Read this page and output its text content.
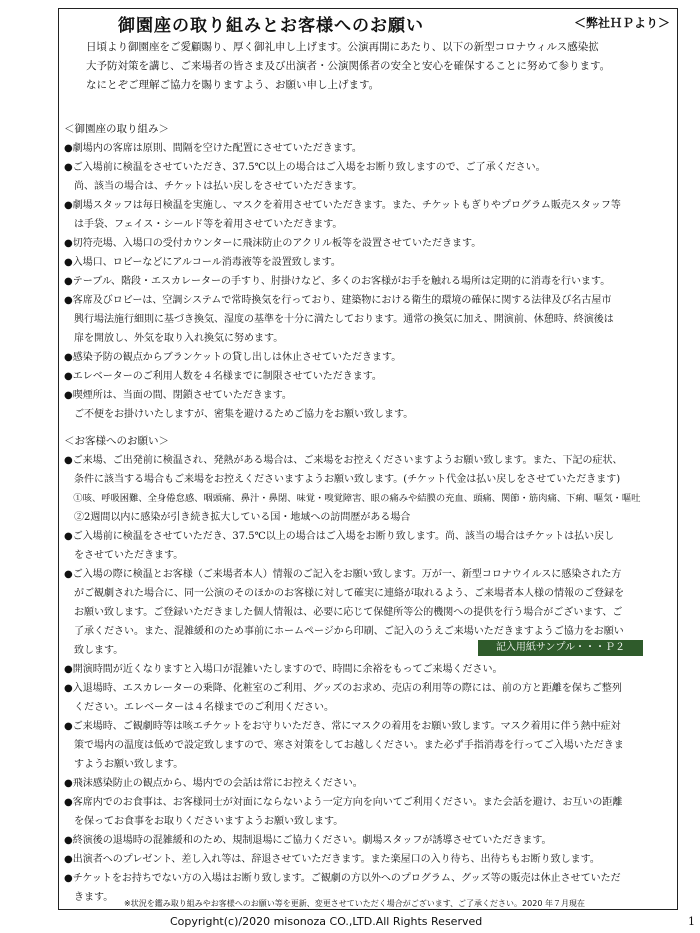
御園座の取り組みとお客様へのお願い	＜弊社ＨＰより＞

日頃より御園座をご愛顧賜り、厚く御礼申し上げます。公演再開にあたり、以下の新型コロナウィルス感染拡

大予防対策を講じ、ご来場者の皆さま及び出演者・公演関係者の安全と安心を確保することに努めて参ります。

なにとぞご理解ご協力を賜りますよう、お願い申し上げます。

＜御園座の取り組み＞

●劇場内の客席は原則、間隔を空けた配置にさせていただきます。

●ご入場前に検温をさせていただき、37.5℃以上の場合はご入場をお断り致しますので、ご了承ください。

　尚、該当の場合は、チケットは払い戻しをさせていただきます。

●劇場スタッフは毎日検温を実施し、マスクを着用させていただきます。また、チケットもぎりやプログラム販売スタッフ等

　は手袋、フェイス・シールド等を着用させていただきます。

●切符売場、入場口の受付カウンターに飛沫防止のアクリル板等を設置させていただきます。

●入場口、ロビーなどにアルコール消毒液等を設置致します。

●テーブル、階段・エスカレーターの手すり、肘掛けなど、多くのお客様がお手を触れる場所は定期的に消毒を行います。

●客席及びロビーは、空調システムで常時換気を行っており、建築物における衛生的環境の確保に関する法律及び名古屋市

　興行場法施行細則に基づき換気、湿度の基準を十分に満たしております。通常の換気に加え、開演前、休憩時、終演後は

　扉を開放し、外気を取り入れ換気に努めます。

●感染予防の観点からブランケットの貸し出しは休止させていただきます。

●エレベーターのご利用人数を４名様までに制限させていただきます。

●喫煙所は、当面の間、閉鎖させていただきます。

　ご不便をお掛けいたしますが、密集を避けるためご協力をお願い致します。

＜お客様へのお願い＞

●ご来場、ご出発前に検温され、発熱がある場合は、ご来場をお控えくださいますようお願い致します。また、下記の症状、

　条件に該当する場合もご来場をお控えくださいますようお願い致します。(チケット代金は払い戻しをさせていただきます)

　①咳、呼吸困難、全身倦怠感、咽頭痛、鼻汁・鼻閉、味覚・嗅覚障害、眼の痛みや結膜の充血、頭痛、関節・筋肉痛、下痢、嘔気・嘔吐

　②2週間以内に感染が引き続き拡大している国・地域への訪問歴がある場合

●ご入場前に検温をさせていただき、37.5℃以上の場合はご入場をお断り致します。尚、該当の場合はチケットは払い戻し

　をさせていただきます。

●ご入場の際に検温とお客様（ご来場者本人）情報のご記入をお願い致します。万が一、新型コロナウイルスに感染された方

　がご観劇された場合に、同一公演のそのほかのお客様に対して確実に連絡が取れるよう、ご来場者本人様の情報のご登録を

　お願い致します。ご登録いただきました個人情報は、必要に応じて保健所等公的機関への提供を行う場合がございます、ご

　了承ください。また、混雑緩和のため事前にホームページから印刷、ご記入のうえご来場いただきますようご協力をお願い

　致します。

●開演時間が近くなりますと入場口が混雑いたしますので、時間に余裕をもってご来場ください。

●入退場時、エスカレーターの乗降、化粧室のご利用、グッズのお求め、売店の利用等の際には、前の方と距離を保ちご整列

　ください。エレベーターは４名様までのご利用ください。

●ご来場時、ご観劇時等は咳エチケットをお守りいただき、常にマスクの着用をお願い致します。マスク着用に伴う熱中症対

　策で場内の温度は低めで設定致しますので、寒さ対策をしてお越しください。また必ず手指消毒を行ってご入場いただきま

　すようお願い致します。

●飛沫感染防止の観点から、場内での会話は常にお控えください。

●客席内でのお食事は、お客様同士が対面にならないよう一定方向を向いてご利用ください。また会話を避け、お互いの距離

　を保ってお食事をお取りくださいますようお願い致します。

●終演後の退場時の混雑緩和のため、規制退場にご協力ください。劇場スタッフが誘導させていただきます。

●出演者へのプレゼント、差し入れ等は、辞退させていただきます。また楽屋口の入り待ち、出待ちもお断り致します。

●チケットをお持ちでない方の入場はお断り致します。ご観劇の方以外へのプログラム、グッズ等の販売は休止させていただ

　きます。

記入用紙サンプル・・・Ｐ２
※状況を鑑み取り組みやお客様へのお願い等を更新、変更させていただく場合がございます、ご了承ください。2020 年７月現在
Copyright(c)/2020 misonoza CO.,LTD.All Rights Reserved	1
